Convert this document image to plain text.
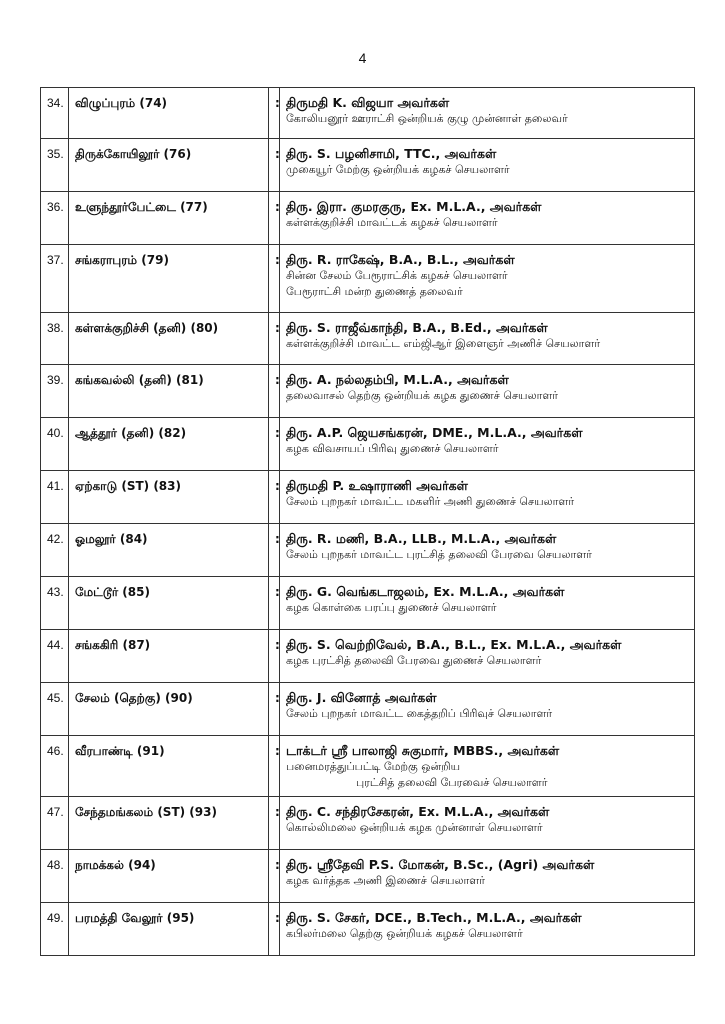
4
34.	விழுப்புரம் (74)	:	திருமதி K. விஜயா அவர்கள்
கோலியனூர் ஊராட்சி ஒன்றியக் குழு முன்னாள் தலைவர்

35.	திருக்கோயிலூர் (76)	:	திரு. S. பழனிசாமி, TTC., அவர்கள்
முகையூர் மேற்கு ஒன்றியக் கழகச் செயலாளர்

36.	உளுந்தூர்பேட்டை (77)	:	திரு. இரா. குமரகுரு, Ex. M.L.A., அவர்கள்
கள்ளக்குறிச்சி மாவட்டக் கழகச் செயலாளர்

37.	சங்கராபுரம் (79)	:	திரு. R. ராகேஷ், B.A., B.L., அவர்கள்
சின்ன சேலம் பேரூராட்சிக் கழகச் செயலாளர்
பேரூராட்சி மன்ற துணைத் தலைவர்

38.	கள்ளக்குறிச்சி (தனி) (80)	:	திரு. S. ராஜீவ்காந்தி, B.A., B.Ed., அவர்கள்
கள்ளக்குறிச்சி மாவட்ட எம்ஜிஆர் இளைஞர் அணிச் செயலாளர்

39.	கங்கவல்லி (தனி) (81)	:	திரு. A. நல்லதம்பி, M.L.A., அவர்கள்
தலைவாசல் தெற்கு ஒன்றியக் கழக துணைச் செயலாளர்

40.	ஆத்தூர் (தனி) (82)	:	திரு. A.P. ஜெயசங்கரன், DME., M.L.A., அவர்கள்
கழக விவசாயப் பிரிவு துணைச் செயலாளர்

41.	ஏற்காடு (ST) (83)	:	திருமதி P. உஷாராணி அவர்கள்
சேலம் புறநகர் மாவட்ட மகளிர் அணி துணைச் செயலாளர்

42.	ஓமலூர் (84)	:	திரு. R. மணி, B.A., LLB., M.L.A., அவர்கள்
சேலம் புறநகர் மாவட்ட புரட்சித் தலைவி பேரவை செயலாளர்

43.	மேட்டூர் (85)	:	திரு. G. வெங்கடாஜலம், Ex. M.L.A., அவர்கள்
கழக கொள்கை பரப்பு துணைச் செயலாளர்

44.	சங்ககிரி (87)	:	திரு. S. வெற்றிவேல், B.A., B.L., Ex. M.L.A., அவர்கள்
கழக புரட்சித் தலைவி பேரவை துணைச் செயலாளர்

45.	சேலம் (தெற்கு) (90)	:	திரு. J. வினோத் அவர்கள்
சேலம் புறநகர் மாவட்ட கைத்தறிப் பிரிவுச் செயலாளர்

46.	வீரபாண்டி (91)	:	டாக்டர் ஸ்ரீ பாலாஜி சுகுமார், MBBS., அவர்கள்
பனைமரத்துப்பட்டி மேற்கு ஒன்றிய
புரட்சித் தலைவி பேரவைச் செயலாளர்

47.	சேந்தமங்கலம் (ST) (93)	:	திரு. C. சந்திரசேகரன், Ex. M.L.A., அவர்கள்
கொல்லிமலை ஒன்றியக் கழக முன்னாள் செயலாளர்

48.	நாமக்கல் (94)	:	திரு. ஸ்ரீதேவி P.S. மோகன், B.Sc., (Agri) அவர்கள்
கழக வர்த்தக அணி இணைச் செயலாளர்

49.	பரமத்தி வேலூர் (95)	:	திரு. S. சேகர், DCE., B.Tech., M.L.A., அவர்கள்
கபிலர்மலை தெற்கு ஒன்றியக் கழகச் செயலாளர்
